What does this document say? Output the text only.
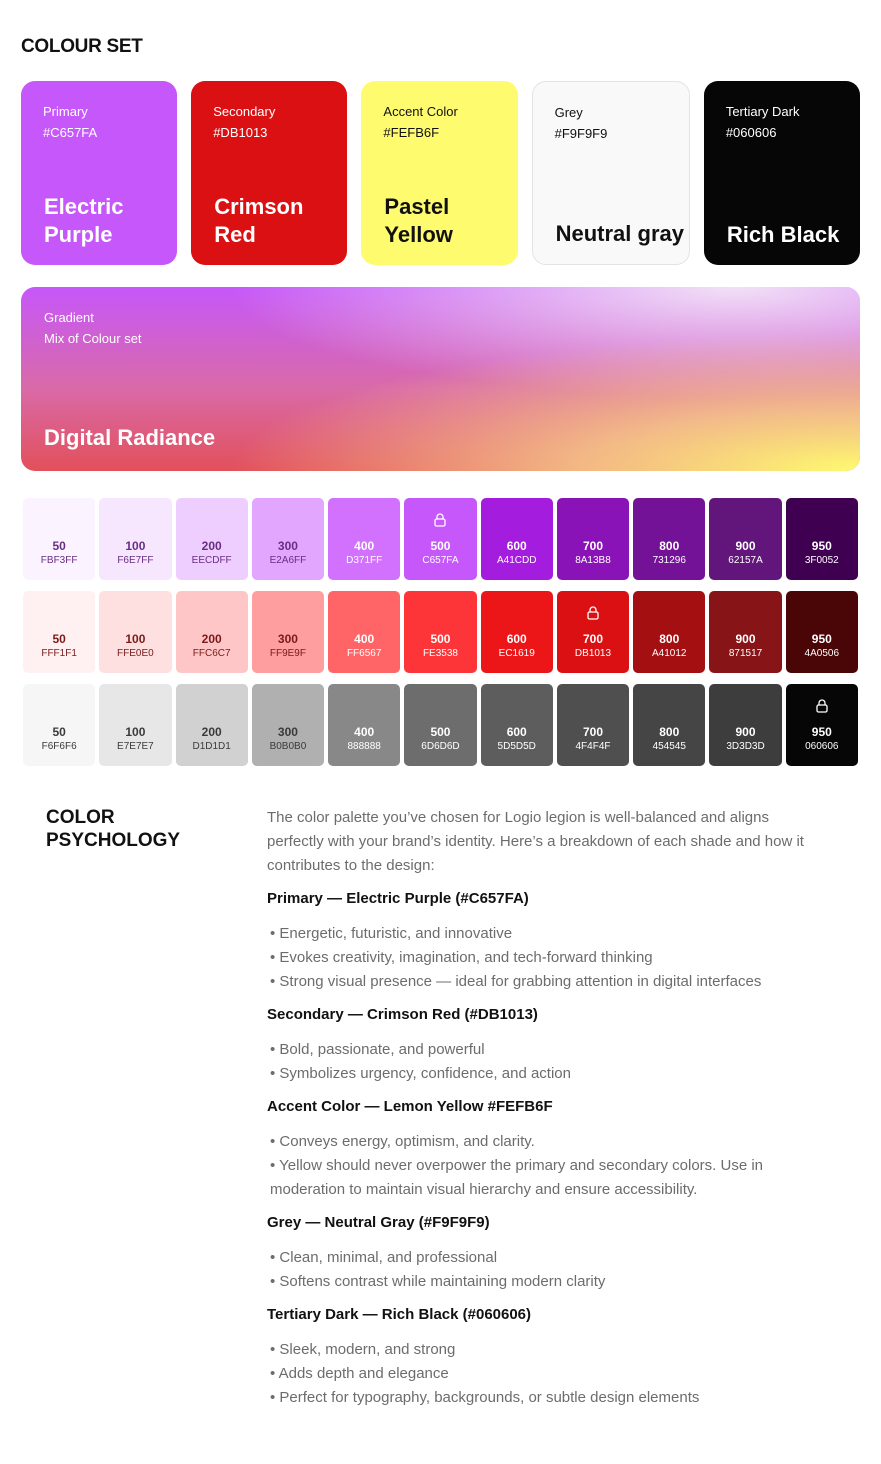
COLOUR SET
Primary
#C657FA
Electric Purple
Secondary
#DB1013
Crimson Red
Accent Color
#FEFB6F
Pastel Yellow
Grey
#F9F9F9
Neutral gray
Tertiary Dark
#060606
Rich Black
Gradient
Mix of Colour set
Digital Radiance
50
FBF3FF
100
F6E7FF
200
EECDFF
300
E2A6FF
400
D371FF
500
C657FA
600
A41CDD
700
8A13B8
800
731296
900
62157A
950
3F0052
50
FFF1F1
100
FFE0E0
200
FFC6C7
300
FF9E9F
400
FF6567
500
FE3538
600
EC1619
700
DB1013
800
A41012
900
871517
950
4A0506
50
F6F6F6
100
E7E7E7
200
D1D1D1
300
B0B0B0
400
888888
500
6D6D6D
600
5D5D5D
700
4F4F4F
800
454545
900
3D3D3D
950
060606
COLOR PSYCHOLOGY
The color palette you’ve chosen for Logio legion is well-balanced and aligns perfectly with your brand’s identity. Here’s a breakdown of each shade and how it contributes to the design:
Primary — Electric Purple (#C657FA)
• Energetic, futuristic, and innovative
• Evokes creativity, imagination, and tech-forward thinking
• Strong visual presence — ideal for grabbing attention in digital interfaces
Secondary — Crimson Red (#DB1013)
• Bold, passionate, and powerful
• Symbolizes urgency, confidence, and action
Accent Color — Lemon Yellow #FEFB6F
• Conveys energy, optimism, and clarity.
• Yellow should never overpower the primary and secondary colors. Use in moderation to maintain visual hierarchy and ensure accessibility.
Grey — Neutral Gray (#F9F9F9)
• Clean, minimal, and professional
• Softens contrast while maintaining modern clarity
Tertiary Dark — Rich Black (#060606)
• Sleek, modern, and strong
• Adds depth and elegance
• Perfect for typography, backgrounds, or subtle design elements
